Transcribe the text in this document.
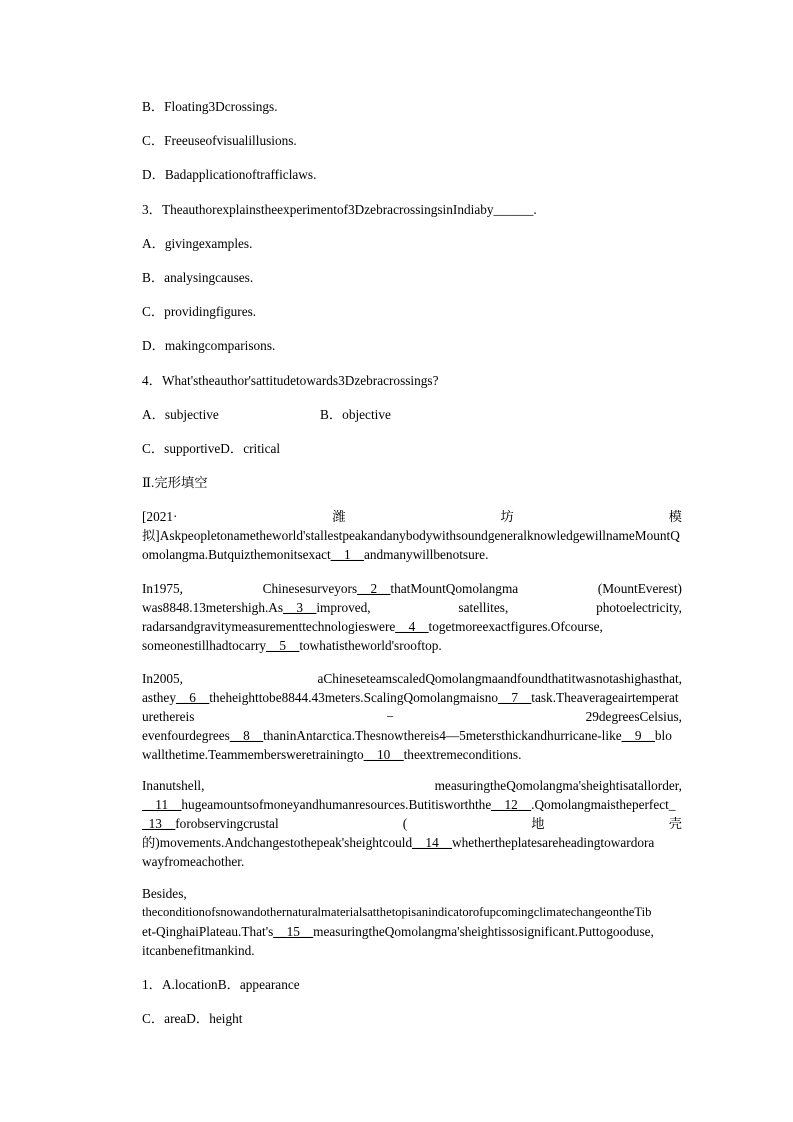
B．Floating3Dcrossings.
C．Freeuseofvisualillusions.
D．Badapplicationoftrafficlaws.
3．Theauthorexplainstheexperimentof3DzebracrossingsinIndiaby______.
A．givingexamples.
B．analysingcauses.
C．providingfigures.
D．makingcomparisons.
4．What'stheauthor'sattitudetowards3Dzebracrossings?
A．subjective	B．objective
C．supportiveD．critical
Ⅱ.完形填空
[2021·	潍	坊	模
拟]Askpeopletonametheworld'stallestpeakandanybodywithsoundgeneralknowledgewillnameMountQ
omolangma.Butquizthemonitsexact__1__andmanywillbenotsure.
In1975,	Chinesesurveyors__2__thatMountQomolangma	(MountEverest)
was8848.13metershigh.As__3__improved,	satellites,	photoelectricity,
radarsandgravitymeasurementtechnologieswere__4__togetmoreexactfigures.Ofcourse,
someonestillhadtocarry__5__towhatistheworld'srooftop.
In2005,	aChineseteamscaledQomolangmaandfoundthatitwasnotashighasthat,
asthey__6__theheighttobe8844.43meters.ScalingQomolangmaisno__7__task.Theaverageairtemperat
urethereis	−	29degreesCelsius,
evenfourdegrees__8__thaninAntarctica.Thesnowthereis4—5metersthickandhurricane-like__9__blo
wallthetime.Teammembersweretrainingto__10__theextremeconditions.
Inanutshell,	measuringtheQomolangma'sheightisatallorder,
__11__hugeamountsofmoneyandhumanresources.Butitisworththe__12__.Qomolangmaistheperfect_
_13__forobservingcrustal	(	地	壳
的)movements.Andchangestothepeak'sheightcould__14__whethertheplatesareheadingtowardora
wayfromeachother.
Besides,
theconditionofsnowandothernaturalmaterialsatthetopisanindicatorofupcomingclimatechangeontheTib
et-QinghaiPlateau.That's__15__measuringtheQomolangma'sheightissosignificant.Puttogooduse,
itcanbenefitmankind.
1．A.locationB．appearance
C．areaD．height
